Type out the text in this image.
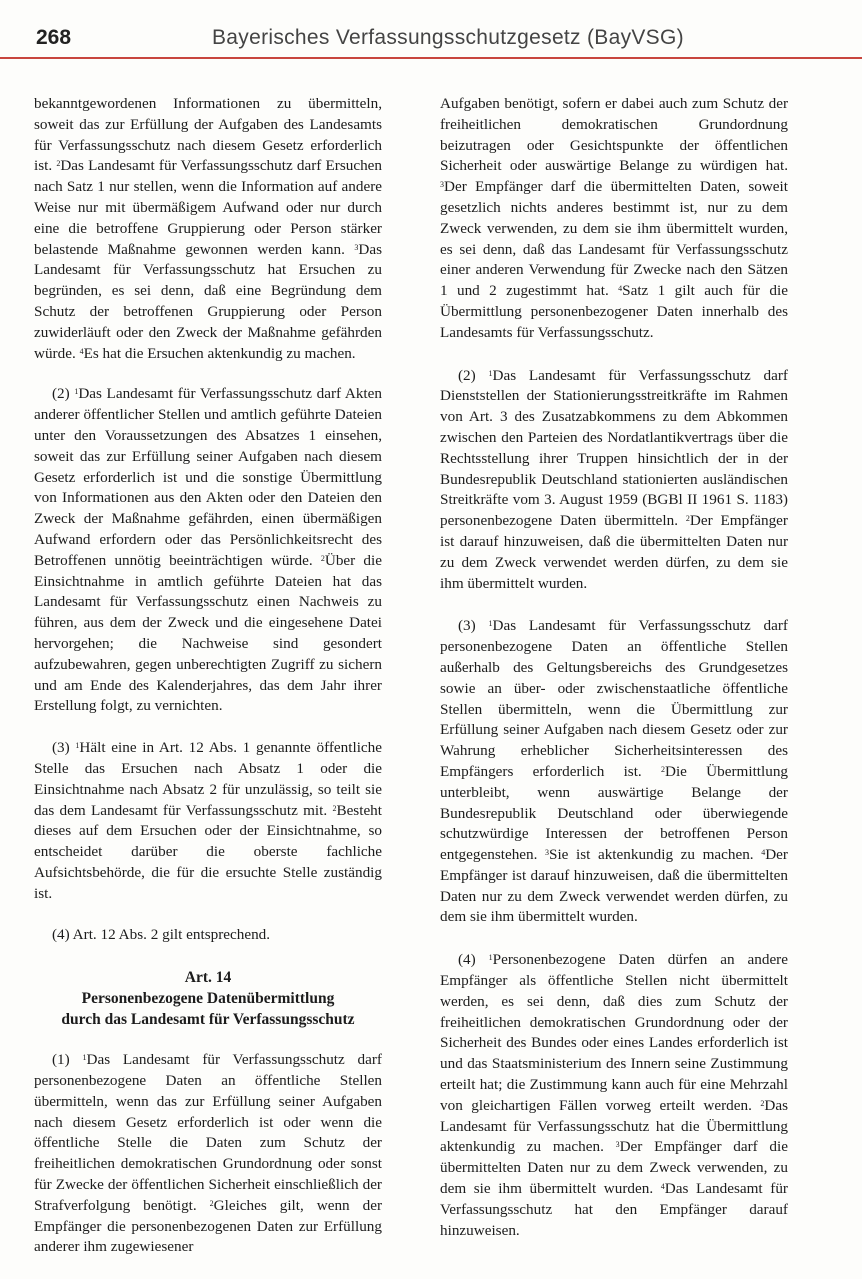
268	Bayerisches Verfassungsschutzgesetz (BayVSG)

bekanntgewordenen Informationen zu übermitteln, soweit das zur Erfüllung der Aufgaben des Landesamts für Verfassungsschutz nach diesem Gesetz erforderlich ist. $^2$Das Landesamt für Verfassungsschutz darf Ersuchen nach Satz 1 nur stellen, wenn die Information auf andere Weise nur mit übermäßigem Aufwand oder nur durch eine die betroffene Gruppierung oder Person stärker belastende Maßnahme gewonnen werden kann. $^3$Das Landesamt für Verfassungsschutz hat Ersuchen zu begründen, es sei denn, daß eine Begründung dem Schutz der betroffenen Gruppierung oder Person zuwiderläuft oder den Zweck der Maßnahme gefährden würde. $^4$Es hat die Ersuchen aktenkundig zu machen.

(2) $^1$Das Landesamt für Verfassungsschutz darf Akten anderer öffentlicher Stellen und amtlich geführte Dateien unter den Voraussetzungen des Absatzes 1 einsehen, soweit das zur Erfüllung seiner Aufgaben nach diesem Gesetz erforderlich ist und die sonstige Übermittlung von Informationen aus den Akten oder den Dateien den Zweck der Maßnahme gefährden, einen übermäßigen Aufwand erfordern oder das Persönlichkeitsrecht des Betroffenen unnötig beeinträchtigen würde. $^2$Über die Einsichtnahme in amtlich geführte Dateien hat das Landesamt für Verfassungsschutz einen Nachweis zu führen, aus dem der Zweck und die eingesehene Datei hervorgehen; die Nachweise sind gesondert aufzubewahren, gegen unberechtigten Zugriff zu sichern und am Ende des Kalenderjahres, das dem Jahr ihrer Erstellung folgt, zu vernichten.

(3) $^1$Hält eine in Art. 12 Abs. 1 genannte öffentliche Stelle das Ersuchen nach Absatz 1 oder die Einsichtnahme nach Absatz 2 für unzulässig, so teilt sie das dem Landesamt für Verfassungsschutz mit. $^2$Besteht dieses auf dem Ersuchen oder der Einsichtnahme, so entscheidet darüber die oberste fachliche Aufsichtsbehörde, die für die ersuchte Stelle zuständig ist.

(4) Art. 12 Abs. 2 gilt entsprechend.

Art. 14
Personenbezogene Datenübermittlung
durch das Landesamt für Verfassungsschutz

(1) $^1$Das Landesamt für Verfassungsschutz darf personenbezogene Daten an öffentliche Stellen übermitteln, wenn das zur Erfüllung seiner Aufgaben nach diesem Gesetz erforderlich ist oder wenn die öffentliche Stelle die Daten zum Schutz der freiheitlichen demokratischen Grundordnung oder sonst für Zwecke der öffentlichen Sicherheit einschließlich der Strafverfolgung benötigt. $^2$Gleiches gilt, wenn der Empfänger die personenbezogenen Daten zur Erfüllung anderer ihm zugewiesener

Aufgaben benötigt, sofern er dabei auch zum Schutz der freiheitlichen demokratischen Grundordnung beizutragen oder Gesichtspunkte der öffentlichen Sicherheit oder auswärtige Belange zu würdigen hat. $^3$Der Empfänger darf die übermittelten Daten, soweit gesetzlich nichts anderes bestimmt ist, nur zu dem Zweck verwenden, zu dem sie ihm übermittelt wurden, es sei denn, daß das Landesamt für Verfassungsschutz einer anderen Verwendung für Zwecke nach den Sätzen 1 und 2 zugestimmt hat. $^4$Satz 1 gilt auch für die Übermittlung personenbezogener Daten innerhalb des Landesamts für Verfassungsschutz.

(2) $^1$Das Landesamt für Verfassungsschutz darf Dienststellen der Stationierungsstreitkräfte im Rahmen von Art. 3 des Zusatzabkommens zu dem Abkommen zwischen den Parteien des Nordatlantikvertrags über die Rechtsstellung ihrer Truppen hinsichtlich der in der Bundesrepublik Deutschland stationierten ausländischen Streitkräfte vom 3. August 1959 (BGBl II 1961 S. 1183) personenbezogene Daten übermitteln. $^2$Der Empfänger ist darauf hinzuweisen, daß die übermittelten Daten nur zu dem Zweck verwendet werden dürfen, zu dem sie ihm übermittelt wurden.

(3) $^1$Das Landesamt für Verfassungsschutz darf personenbezogene Daten an öffentliche Stellen außerhalb des Geltungsbereichs des Grundgesetzes sowie an über- oder zwischenstaatliche öffentliche Stellen übermitteln, wenn die Übermittlung zur Erfüllung seiner Aufgaben nach diesem Gesetz oder zur Wahrung erheblicher Sicherheitsinteressen des Empfängers erforderlich ist. $^2$Die Übermittlung unterbleibt, wenn auswärtige Belange der Bundesrepublik Deutschland oder überwiegende schutzwürdige Interessen der betroffenen Person entgegenstehen. $^3$Sie ist aktenkundig zu machen. $^4$Der Empfänger ist darauf hinzuweisen, daß die übermittelten Daten nur zu dem Zweck verwendet werden dürfen, zu dem sie ihm übermittelt wurden.

(4) $^1$Personenbezogene Daten dürfen an andere Empfänger als öffentliche Stellen nicht übermittelt werden, es sei denn, daß dies zum Schutz der freiheitlichen demokratischen Grundordnung oder der Sicherheit des Bundes oder eines Landes erforderlich ist und das Staatsministerium des Innern seine Zustimmung erteilt hat; die Zustimmung kann auch für eine Mehrzahl von gleichartigen Fällen vorweg erteilt werden. $^2$Das Landesamt für Verfassungsschutz hat die Übermittlung aktenkundig zu machen. $^3$Der Empfänger darf die übermittelten Daten nur zu dem Zweck verwenden, zu dem sie ihm übermittelt wurden. $^4$Das Landesamt für Verfassungsschutz hat den Empfänger darauf hinzuweisen.
